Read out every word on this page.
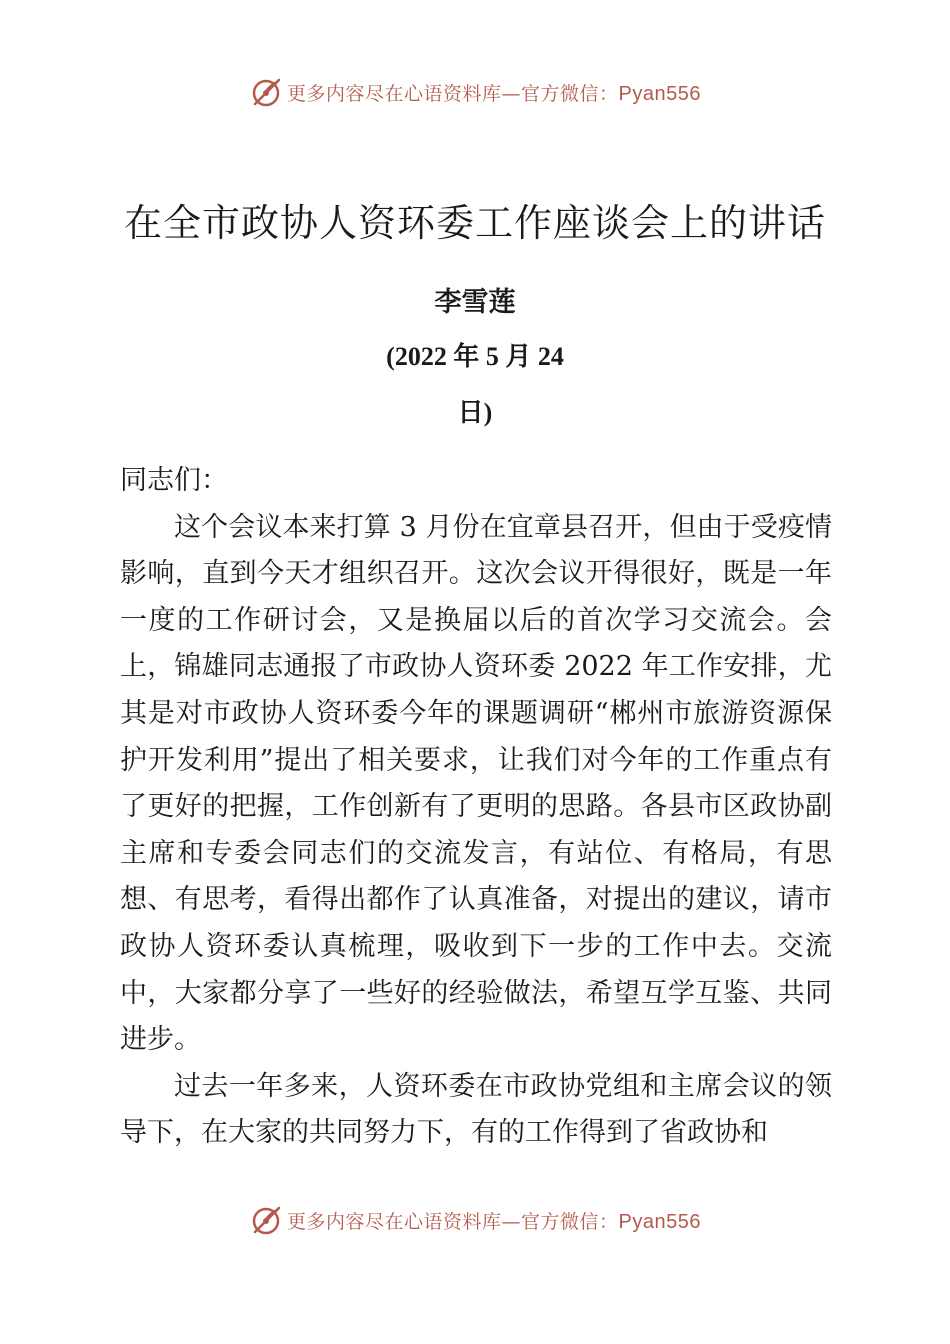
更多内容尽在心语资料库—官方微信：Pyan556
在全市政协人资环委工作座谈会上的讲话
李雪莲
(2022 年 5 月 24
日)

同志们：

这个会议本来打算 3 月份在宜章县召开，但由于受疫情影响，直到今天才组织召开。这次会议开得很好，既是一年一度的工作研讨会，又是换届以后的首次学习交流会。会上，锦雄同志通报了市政协人资环委 2022 年工作安排，尤其是对市政协人资环委今年的课题调研“郴州市旅游资源保护开发利用”提出了相关要求，让我们对今年的工作重点有了更好的把握，工作创新有了更明的思路。各县市区政协副主席和专委会同志们的交流发言，有站位、有格局，有思想、有思考，看得出都作了认真准备，对提出的建议，请市政协人资环委认真梳理，吸收到下一步的工作中去。交流中，大家都分享了一些好的经验做法，希望互学互鉴、共同进步。

过去一年多来，人资环委在市政协党组和主席会议的领导下，在大家的共同努力下，有的工作得到了省政协和

更多内容尽在心语资料库—官方微信：Pyan556
